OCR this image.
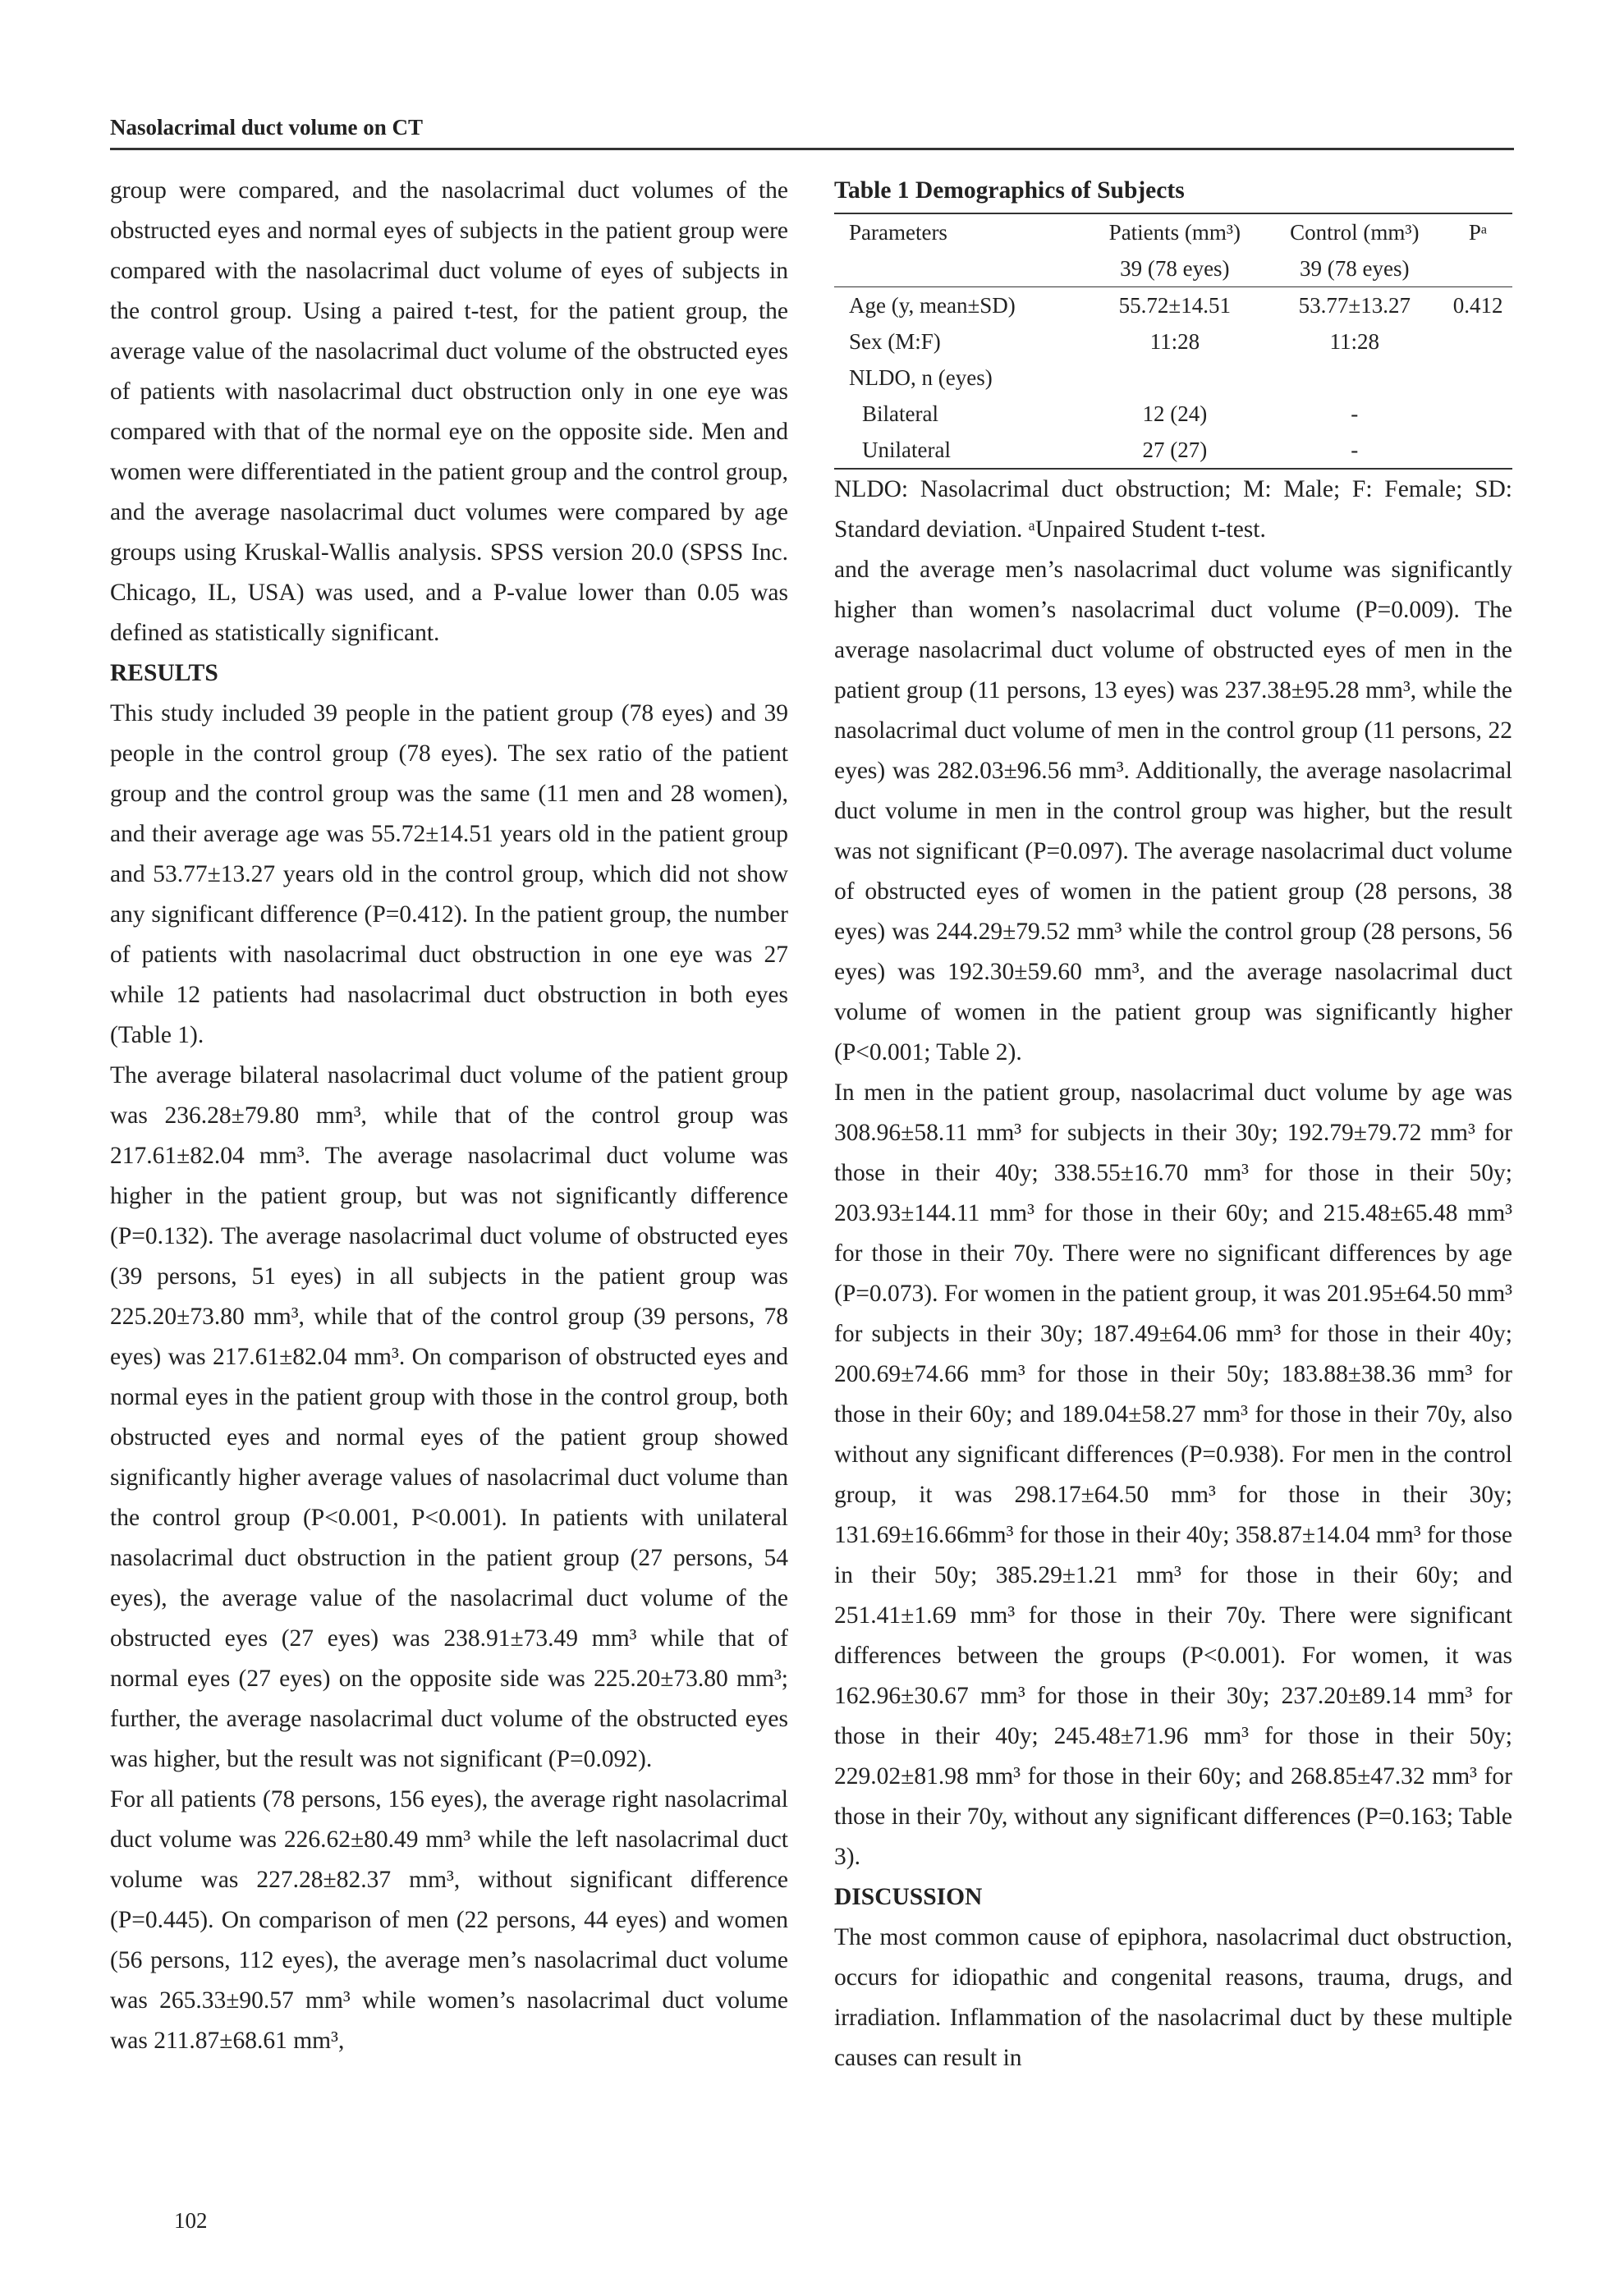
Nasolacrimal duct volume on CT

group were compared, and the nasolacrimal duct volumes of the obstructed eyes and normal eyes of subjects in the patient group were compared with the nasolacrimal duct volume of eyes of subjects in the control group. Using a paired t-test, for the patient group, the average value of the nasolacrimal duct volume of the obstructed eyes of patients with nasolacrimal duct obstruction only in one eye was compared with that of the normal eye on the opposite side. Men and women were differentiated in the patient group and the control group, and the average nasolacrimal duct volumes were compared by age groups using Kruskal-Wallis analysis. SPSS version 20.0 (SPSS Inc. Chicago, IL, USA) was used, and a P-value lower than 0.05 was defined as statistically significant.

RESULTS

This study included 39 people in the patient group (78 eyes) and 39 people in the control group (78 eyes). The sex ratio of the patient group and the control group was the same (11 men and 28 women), and their average age was 55.72±14.51 years old in the patient group and 53.77±13.27 years old in the control group, which did not show any significant difference (P=0.412). In the patient group, the number of patients with nasolacrimal duct obstruction in one eye was 27 while 12 patients had nasolacrimal duct obstruction in both eyes (Table 1).

The average bilateral nasolacrimal duct volume of the patient group was 236.28±79.80 mm³, while that of the control group was 217.61±82.04 mm³. The average nasolacrimal duct volume was higher in the patient group, but was not significantly difference (P=0.132). The average nasolacrimal duct volume of obstructed eyes (39 persons, 51 eyes) in all subjects in the patient group was 225.20±73.80 mm³, while that of the control group (39 persons, 78 eyes) was 217.61±82.04 mm³. On comparison of obstructed eyes and normal eyes in the patient group with those in the control group, both obstructed eyes and normal eyes of the patient group showed significantly higher average values of nasolacrimal duct volume than the control group (P<0.001, P<0.001). In patients with unilateral nasolacrimal duct obstruction in the patient group (27 persons, 54 eyes), the average value of the nasolacrimal duct volume of the obstructed eyes (27 eyes) was 238.91±73.49 mm³ while that of normal eyes (27 eyes) on the opposite side was 225.20±73.80 mm³; further, the average nasolacrimal duct volume of the obstructed eyes was higher, but the result was not significant (P=0.092).

For all patients (78 persons, 156 eyes), the average right nasolacrimal duct volume was 226.62±80.49 mm³ while the left nasolacrimal duct volume was 227.28±82.37 mm³, without significant difference (P=0.445). On comparison of men (22 persons, 44 eyes) and women (56 persons, 112 eyes), the average men’s nasolacrimal duct volume was 265.33±90.57 mm³ while women’s nasolacrimal duct volume was 211.87±68.61 mm³,

Table 1 Demographics of Subjects

Parameters	Patients (mm³)	Control (mm³)	Pᵃ
	39 (78 eyes)	39 (78 eyes)	
Age (y, mean±SD)	55.72±14.51	53.77±13.27	0.412
Sex (M:F)	11:28	11:28	
NLDO, n (eyes)			
Bilateral	12 (24)	-	
Unilateral	27 (27)	-	

NLDO: Nasolacrimal duct obstruction; M: Male; F: Female; SD: Standard deviation. ᵃUnpaired Student t-test.

and the average men’s nasolacrimal duct volume was significantly higher than women’s nasolacrimal duct volume (P=0.009). The average nasolacrimal duct volume of obstructed eyes of men in the patient group (11 persons, 13 eyes) was 237.38±95.28 mm³, while the nasolacrimal duct volume of men in the control group (11 persons, 22 eyes) was 282.03±96.56 mm³. Additionally, the average nasolacrimal duct volume in men in the control group was higher, but the result was not significant (P=0.097). The average nasolacrimal duct volume of obstructed eyes of women in the patient group (28 persons, 38 eyes) was 244.29±79.52 mm³ while the control group (28 persons, 56 eyes) was 192.30±59.60 mm³, and the average nasolacrimal duct volume of women in the patient group was significantly higher (P<0.001; Table 2).

In men in the patient group, nasolacrimal duct volume by age was 308.96±58.11 mm³ for subjects in their 30y; 192.79±79.72 mm³ for those in their 40y; 338.55±16.70 mm³ for those in their 50y; 203.93±144.11 mm³ for those in their 60y; and 215.48±65.48 mm³ for those in their 70y. There were no significant differences by age (P=0.073). For women in the patient group, it was 201.95±64.50 mm³ for subjects in their 30y; 187.49±64.06 mm³ for those in their 40y; 200.69±74.66 mm³ for those in their 50y; 183.88±38.36 mm³ for those in their 60y; and 189.04±58.27 mm³ for those in their 70y, also without any significant differences (P=0.938). For men in the control group, it was 298.17±64.50 mm³ for those in their 30y; 131.69±16.66mm³ for those in their 40y; 358.87±14.04 mm³ for those in their 50y; 385.29±1.21 mm³ for those in their 60y; and 251.41±1.69 mm³ for those in their 70y. There were significant differences between the groups (P<0.001). For women, it was 162.96±30.67 mm³ for those in their 30y; 237.20±89.14 mm³ for those in their 40y; 245.48±71.96 mm³ for those in their 50y; 229.02±81.98 mm³ for those in their 60y; and 268.85±47.32 mm³ for those in their 70y, without any significant differences (P=0.163; Table 3).

DISCUSSION

The most common cause of epiphora, nasolacrimal duct obstruction, occurs for idiopathic and congenital reasons, trauma, drugs, and irradiation. Inflammation of the nasolacrimal duct by these multiple causes can result in

102
